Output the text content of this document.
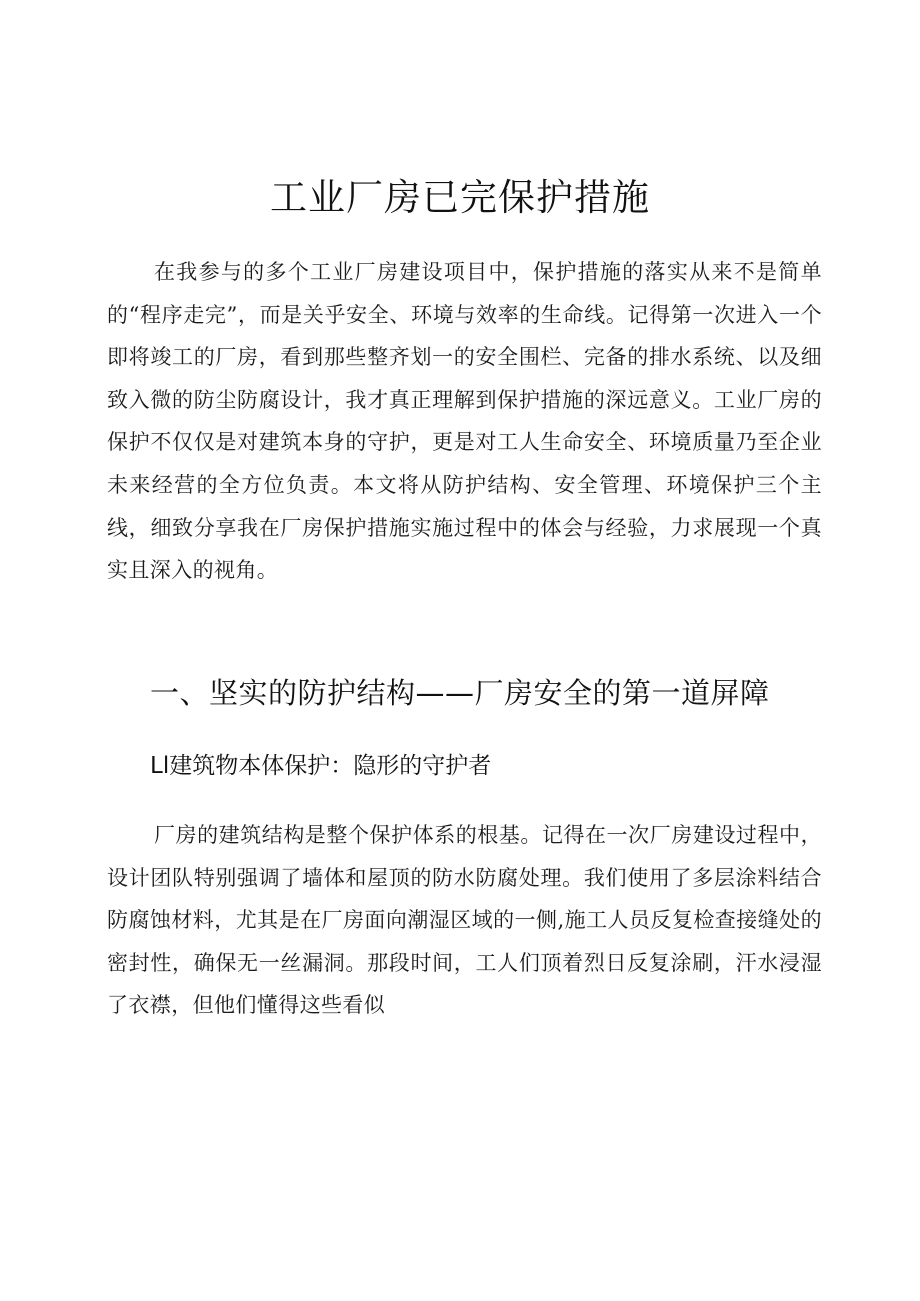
工业厂房已完保护措施

在我参与的多个工业厂房建设项目中，保护措施的落实从来不是简单的“程序走完”，而是关乎安全、环境与效率的生命线。记得第一次进入一个即将竣工的厂房，看到那些整齐划一的安全围栏、完备的排水系统、以及细致入微的防尘防腐设计，我才真正理解到保护措施的深远意义。工业厂房的保护不仅仅是对建筑本身的守护，更是对工人生命安全、环境质量乃至企业未来经营的全方位负责。本文将从防护结构、安全管理、环境保护三个主线，细致分享我在厂房保护措施实施过程中的体会与经验，力求展现一个真实且深入的视角。

一、坚实的防护结构——厂房安全的第一道屏障
Ll建筑物本体保护：隐形的守护者

厂房的建筑结构是整个保护体系的根基。记得在一次厂房建设过程中，设计团队特别强调了墙体和屋顶的防水防腐处理。我们使用了多层涂料结合防腐蚀材料，尤其是在厂房面向潮湿区域的一侧,施工人员反复检查接缝处的密封性，确保无一丝漏洞。那段时间，工人们顶着烈日反复涂刷，汗水浸湿了衣襟，但他们懂得这些看似
